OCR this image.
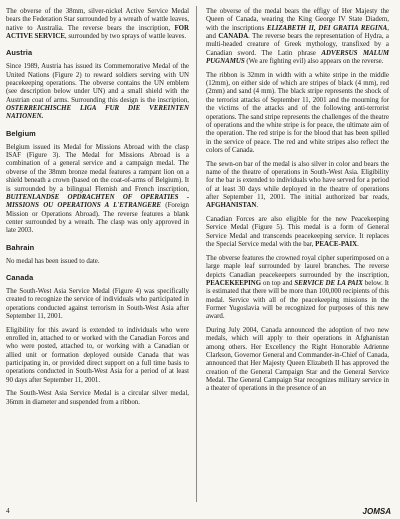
The obverse of the 38mm, silver-nickel Active Service Medal bears the Federation Star surrounded by a wreath of wattle leaves, native to Australia. The reverse bears the inscription, FOR ACTIVE SERVICE, surrounded by two sprays of wattle leaves.

Austria

Since 1989, Austria has issued its Commemorative Medal of the United Nations (Figure 2) to reward soldiers serving with UN peacekeeping operations. The obverse contains the UN emblem (see description below under UN) and a small shield with the Austrian coat of arms. Surrounding this design is the inscription, OSTERREICHISCHE LIGA FUR DIE VEREINTEN NATIONEN.

Belgium

Belgium issued its Medal for Missions Abroad with the clasp ISAF (Figure 3). The Medal for Missions Abroad is a combination of a general service and a campaign medal. The obverse of the 38mm bronze medal features a rampant lion on a shield beneath a crown (based on the coat-of-arms of Belgium). It is surrounded by a bilingual Flemish and French inscription, BUITENLANDSE OPDRACHTEN OF OPERATIES - MISSIONS OU OPERATIONS A L'ETRANGERE (Foreign Mission or Operations Abroad). The reverse features a blank center surrounded by a wreath. The clasp was only approved in late 2003.

Bahrain

No medal has been issued to date.

Canada

The South-West Asia Service Medal (Figure 4) was specifically created to recognize the service of individuals who participated in operations conducted against terrorism in South-West Asia after September 11, 2001.

Eligibility for this award is extended to individuals who were enrolled in, attached to or worked with the Canadian Forces and who were posted, attached to, or working with a Canadian or allied unit or formation deployed outside Canada that was participating in, or provided direct support on a full time basis to operations conducted in South-West Asia for a period of at least 90 days after September 11, 2001.

The South-West Asia Service Medal is a circular silver medal, 36mm in diameter and suspended from a ribbon.

The obverse of the medal bears the effigy of Her Majesty the Queen of Canada, wearing the King George IV State Diadem, with the inscriptions ELIZABETH II, DEI GRATIA REGINA, and CANADA. The reverse bears the representation of Hydra, a multi-headed creature of Greek mythology, transfixed by a Canadian sword. The Latin phrase ADVERSUS MALUM PUGNAMUS (We are fighting evil) also appears on the reverse.

The ribbon is 32mm in width with a white stripe in the middle (12mm), on either side of which are stripes of black (4 mm), red (2mm) and sand (4 mm). The black stripe represents the shock of the terrorist attacks of September 11, 2001 and the mourning for the victims of the attacks and of the following anti-terrorist operations. The sand stripe represents the challenges of the theatre of operations and the white stripe is for peace, the ultimate aim of the operation. The red stripe is for the blood that has been spilled in the service of peace. The red and white stripes also reflect the colors of Canada.

The sewn-on bar of the medal is also silver in color and bears the name of the theatre of operations in South-West Asia. Eligibility for the bar is extended to individuals who have served for a period of at least 30 days while deployed in the theatre of operations after September 11, 2001. The initial authorized bar reads, AFGHANISTAN.

Canadian Forces are also eligible for the new Peacekeeping Service Medal (Figure 5). This medal is a form of General Service Medal and transcends peacekeeping service. It replaces the Special Service medal with the bar, PEACE-PAIX.

The obverse features the crowned royal cipher superimposed on a large maple leaf surrounded by laurel branches. The reverse depicts Canadian peacekeepers surrounded by the inscription, PEACEKEEPING on top and SERVICE DE LA PAIX below. It is estimated that there will be more than 100,000 recipients of this medal. Service with all of the peacekeeping missions in the Former Yugoslavia will be recognized for purposes of this new award.

During July 2004, Canada announced the adoption of two new medals, which will apply to their operations in Afghanistan among others. Her Excellency the Right Honorable Adrienne Clarkson, Governor General and Commander-in-Chief of Canada, announced that Her Majesty Queen Elizabeth II has approved the creation of the General Campaign Star and the General Service Medal. The General Campaign Star recognizes military service in a theater of operations in the presence of an

4	JOMSA
